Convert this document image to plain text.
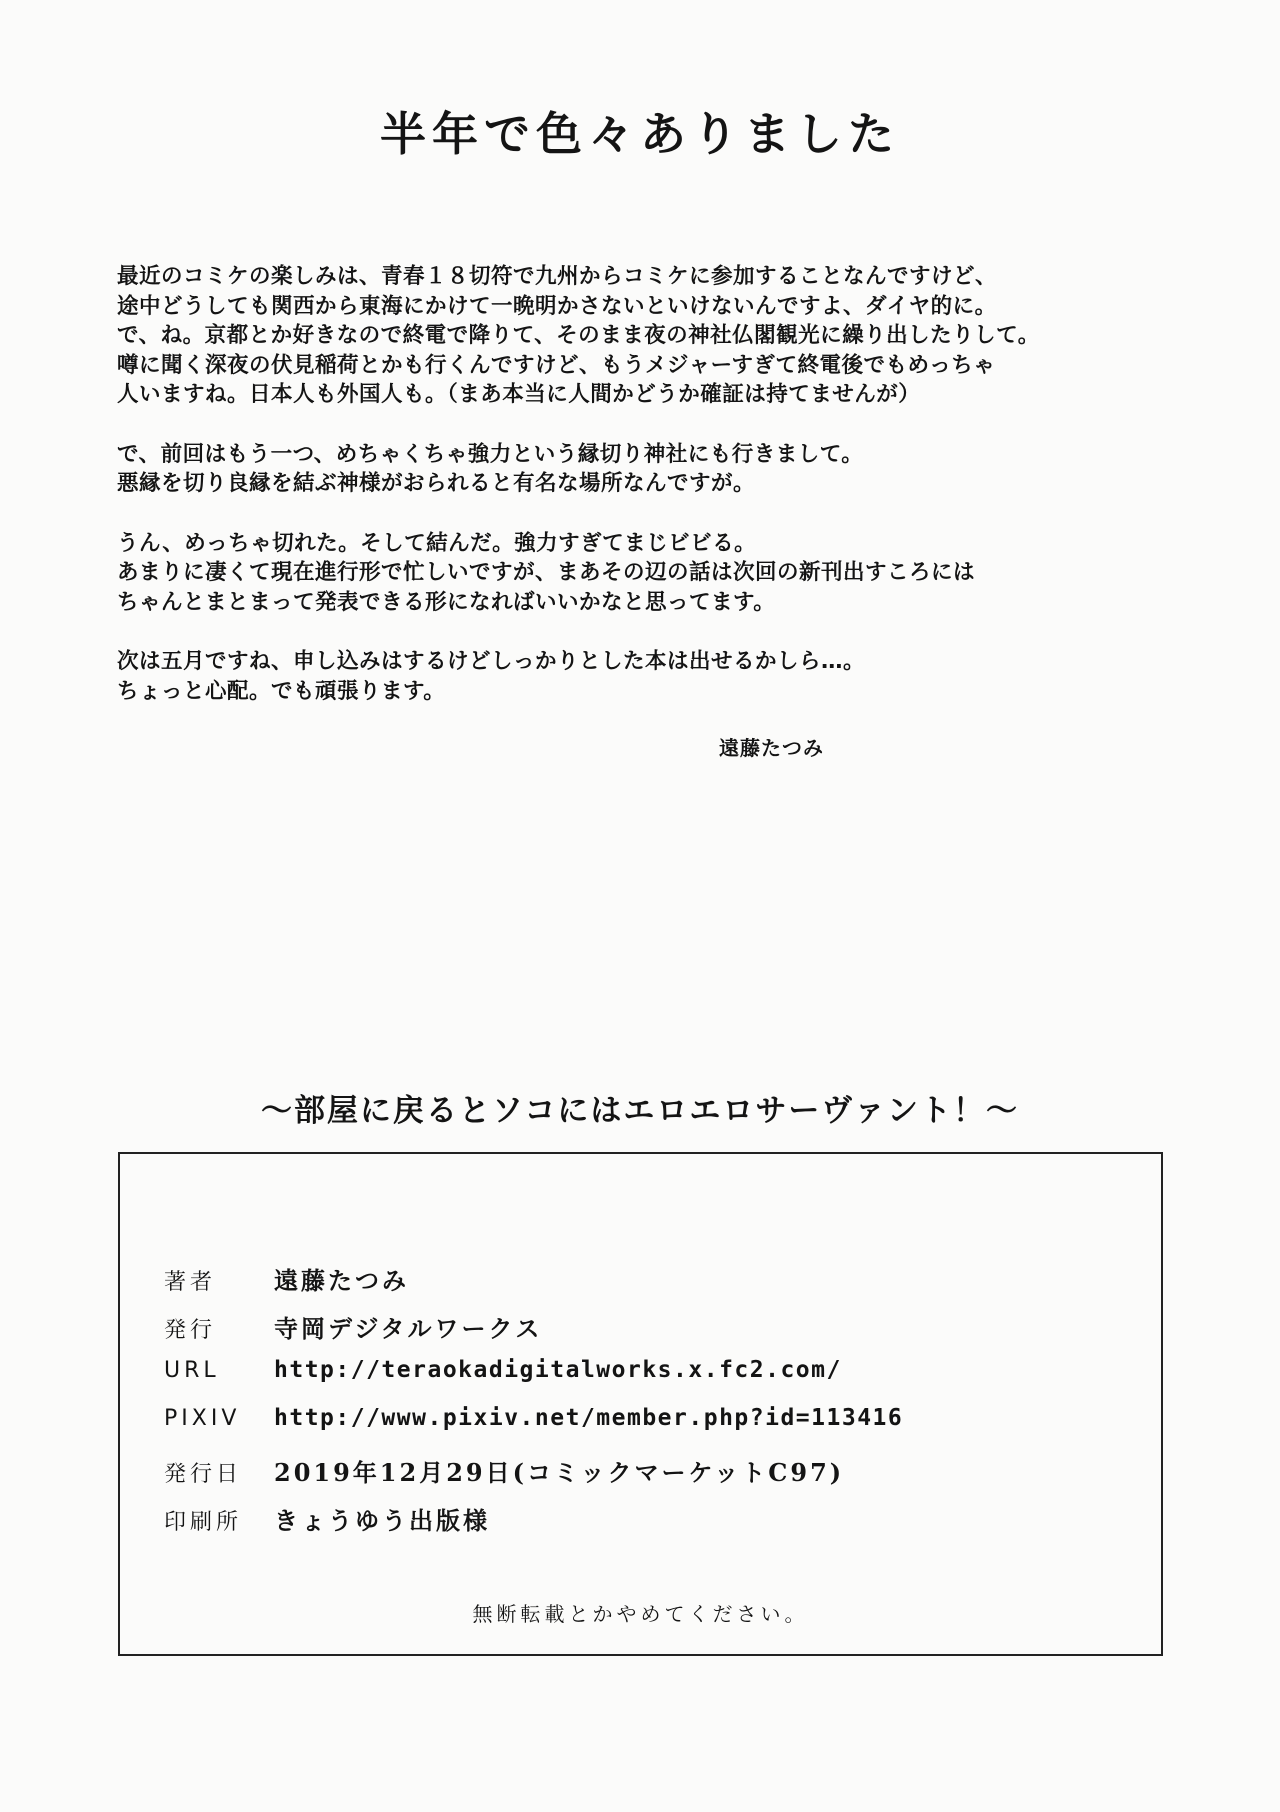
半年で色々ありました

最近のコミケの楽しみは、青春１８切符で九州からコミケに参加することなんですけど、
途中どうしても関西から東海にかけて一晩明かさないといけないんですよ、ダイヤ的に。
で、ね。京都とか好きなので終電で降りて、そのまま夜の神社仏閣観光に繰り出したりして。
噂に聞く深夜の伏見稲荷とかも行くんですけど、もうメジャーすぎて終電後でもめっちゃ
人いますね。日本人も外国人も。（まあ本当に人間かどうか確証は持てませんが）

で、前回はもう一つ、めちゃくちゃ強力という縁切り神社にも行きまして。
悪縁を切り良縁を結ぶ神様がおられると有名な場所なんですが。

うん、めっちゃ切れた。そして結んだ。強力すぎてまじビビる。
あまりに凄くて現在進行形で忙しいですが、まあその辺の話は次回の新刊出すころには
ちゃんとまとまって発表できる形になればいいかなと思ってます。

次は五月ですね、申し込みはするけどしっかりとした本は出せるかしら…。
ちょっと心配。でも頑張ります。

遠藤たつみ
〜部屋に戻るとソコにはエロエロサーヴァント！〜
著者	遠藤たつみ
発行	寺岡デジタルワークス
URL	http://teraokadigitalworks.x.fc2.com/
PIXIV	http://www.pixiv.net/member.php?id=113416
発行日	2019年12月29日(コミックマーケットC97)
印刷所	きょうゆう出版様
無断転載とかやめてください。
